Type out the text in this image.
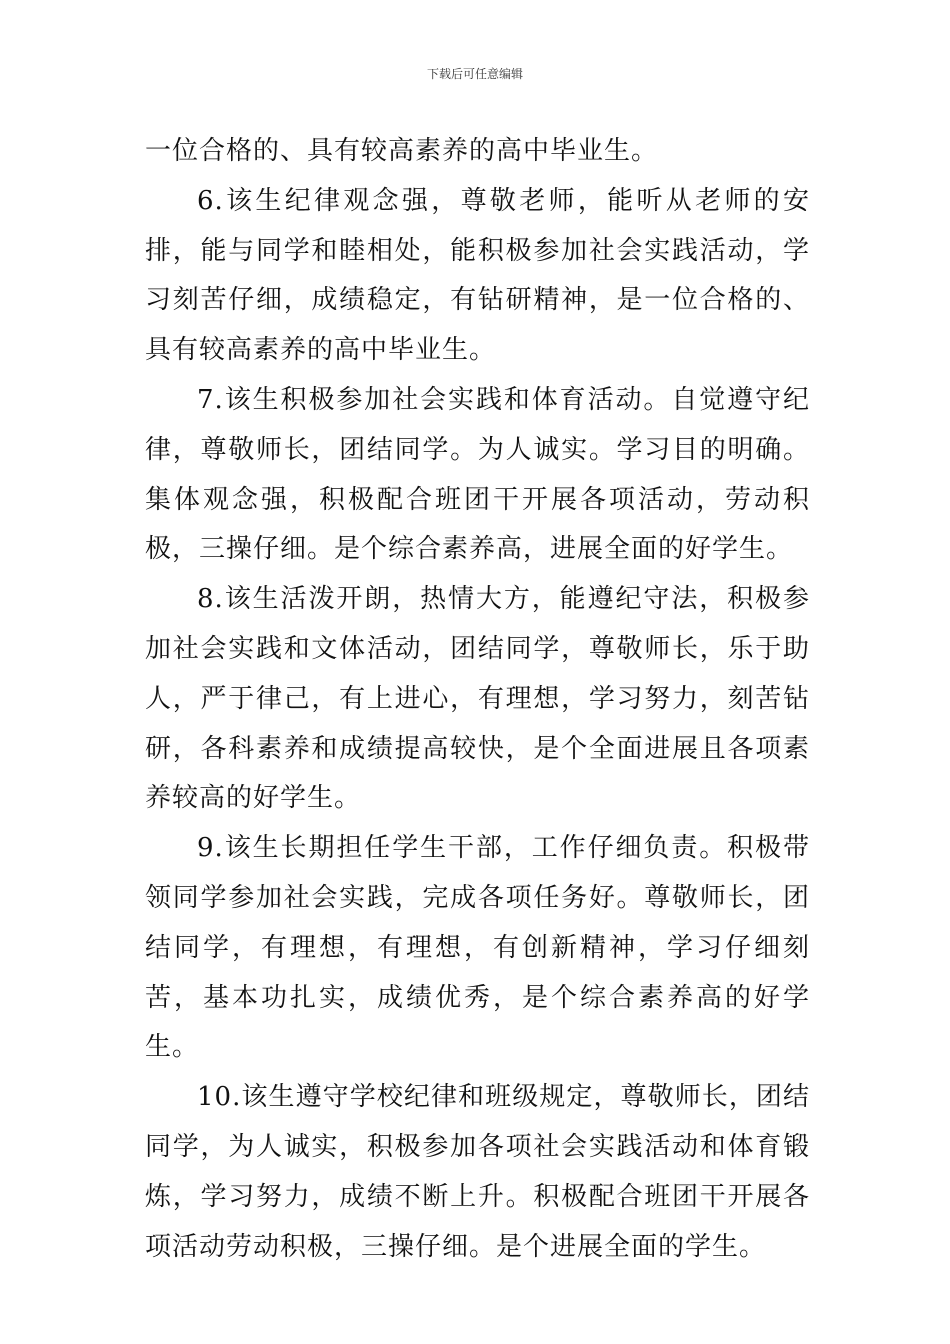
下载后可任意编辑

一位合格的、具有较高素养的高中毕业生。

6.该生纪律观念强，尊敬老师，能听从老师的安排，能与同学和睦相处，能积极参加社会实践活动，学习刻苦仔细，成绩稳定，有钻研精神，是一位合格的、具有较高素养的高中毕业生。

7.该生积极参加社会实践和体育活动。自觉遵守纪律，尊敬师长，团结同学。为人诚实。学习目的明确。集体观念强，积极配合班团干开展各项活动，劳动积极，三操仔细。是个综合素养高，进展全面的好学生。

8.该生活泼开朗，热情大方，能遵纪守法，积极参加社会实践和文体活动，团结同学，尊敬师长，乐于助人，严于律己，有上进心，有理想，学习努力，刻苦钻研，各科素养和成绩提高较快，是个全面进展且各项素养较高的好学生。

9.该生长期担任学生干部，工作仔细负责。积极带领同学参加社会实践，完成各项任务好。尊敬师长，团结同学，有理想，有理想，有创新精神，学习仔细刻苦，基本功扎实，成绩优秀，是个综合素养高的好学生。

10.该生遵守学校纪律和班级规定，尊敬师长，团结同学，为人诚实，积极参加各项社会实践活动和体育锻炼，学习努力，成绩不断上升。积极配合班团干开展各项活动劳动积极，三操仔细。是个进展全面的学生。
